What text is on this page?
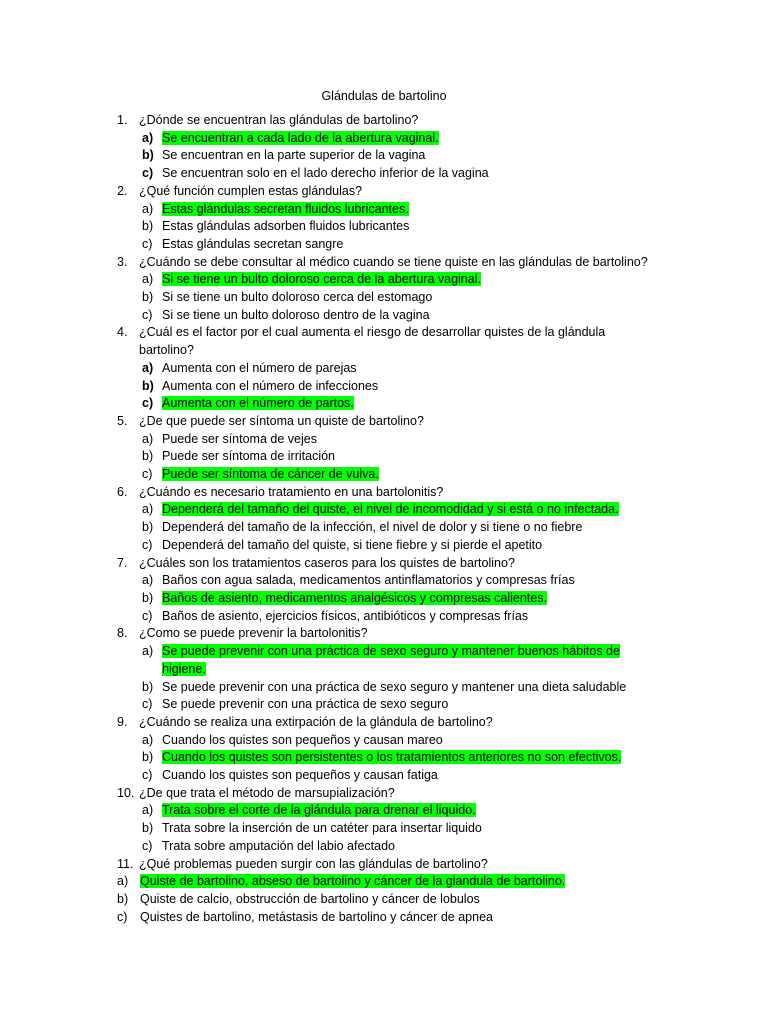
Glándulas de bartolino
1. ¿Dónde se encuentran las glándulas de bartolino?
a) Se encuentran a cada lado de la abertura vaginal.
b) Se encuentran en la parte superior de la vagina
c) Se encuentran solo en el lado derecho inferior de la vagina
2. ¿Qué función cumplen estas glándulas?
a) Estas glándulas secretan fluidos lubricantes.
b) Estas glándulas adsorben fluidos lubricantes
c) Estas glándulas secretan sangre
3. ¿Cuándo se debe consultar al médico cuando se tiene quiste en las glándulas de bartolino?
a) Si se tiene un bulto doloroso cerca de la abertura vaginal.
b) Si se tiene un bulto doloroso cerca del estomago
c) Si se tiene un bulto doloroso dentro de la vagina
4. ¿Cuál es el factor por el cual aumenta el riesgo de desarrollar quistes de la glándula bartolino?
a) Aumenta con el número de parejas
b) Aumenta con el número de infecciones
c) Aumenta con el número de partos.
5. ¿De que puede ser síntoma un quiste de bartolino?
a) Puede ser síntoma de vejes
b) Puede ser síntoma de irritación
c) Puede ser síntoma de cáncer de vulva.
6. ¿Cuándo es necesario tratamiento en una bartolonitis?
a) Dependerá del tamaño del quiste, el nivel de incomodidad y si está o no infectada.
b) Dependerá del tamaño de la infección, el nivel de dolor y si tiene o no fiebre
c) Dependerá del tamaño del quiste, si tiene fiebre y si pierde el apetito
7. ¿Cuáles son los tratamientos caseros para los quistes de bartolino?
a) Baños con agua salada, medicamentos antinflamatorios y compresas frías
b) Baños de asiento, medicamentos analgésicos y compresas calientes.
c) Baños de asiento, ejercicios físicos, antibióticos y compresas frías
8. ¿Como se puede prevenir la bartolonitis?
a) Se puede prevenir con una práctica de sexo seguro y mantener buenos hábitos de higiene.
b) Se puede prevenir con una práctica de sexo seguro y mantener una dieta saludable
c) Se puede prevenir con una práctica de sexo seguro
9. ¿Cuándo se realiza una extirpación de la glándula de bartolino?
a) Cuando los quistes son pequeños y causan mareo
b) Cuando los quistes son persistentes o los tratamientos anteriores no son efectivos.
c) Cuando los quistes son pequeños y causan fatiga
10. ¿De que trata el método de marsupialización?
a) Trata sobre el corte de la glándula para drenar el liquido.
b) Trata sobre la inserción de un catéter para insertar liquido
c) Trata sobre amputación del labio afectado
11. ¿Qué problemas pueden surgir con las glándulas de bartolino?
a) Quiste de bartolino, abseso de bartolino y cáncer de la glandula de bartolino.
b) Quiste de calcio, obstrucción de bartolino y cáncer de lobulos
c) Quistes de bartolino, metástasis de bartolino y cáncer de apnea
